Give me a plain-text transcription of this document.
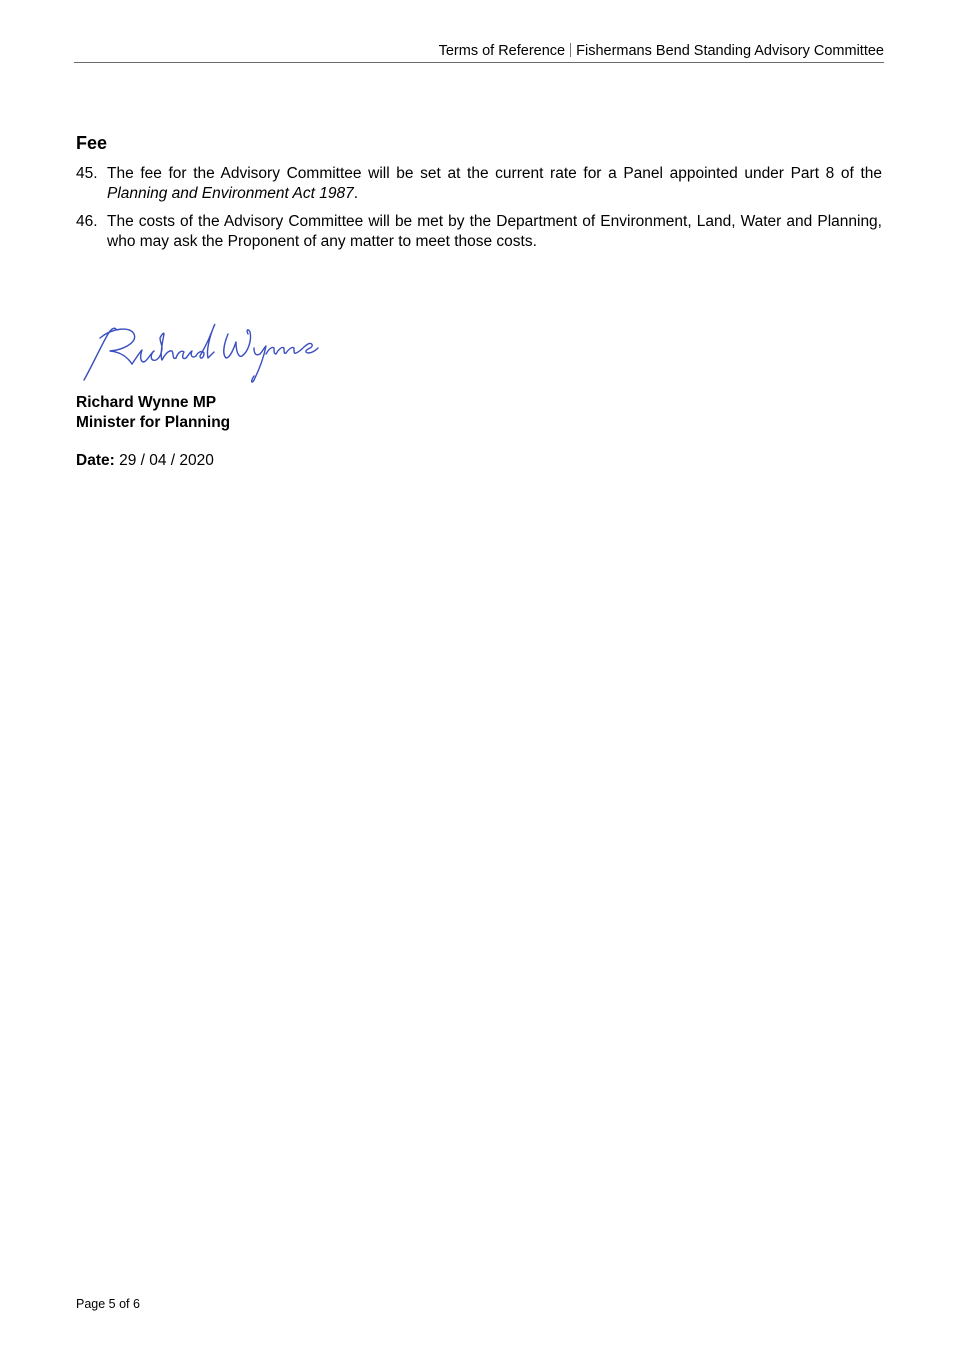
Terms of Reference Fishermans Bend Standing Advisory Committee
Fee
45. The fee for the Advisory Committee will be set at the current rate for a Panel appointed under Part 8 of the Planning and Environment Act 1987.
46. The costs of the Advisory Committee will be met by the Department of Environment, Land, Water and Planning, who may ask the Proponent of any matter to meet those costs.
Richard Wynne MP
Minister for Planning
Date: 29 / 04 / 2020
Page 5 of 6
